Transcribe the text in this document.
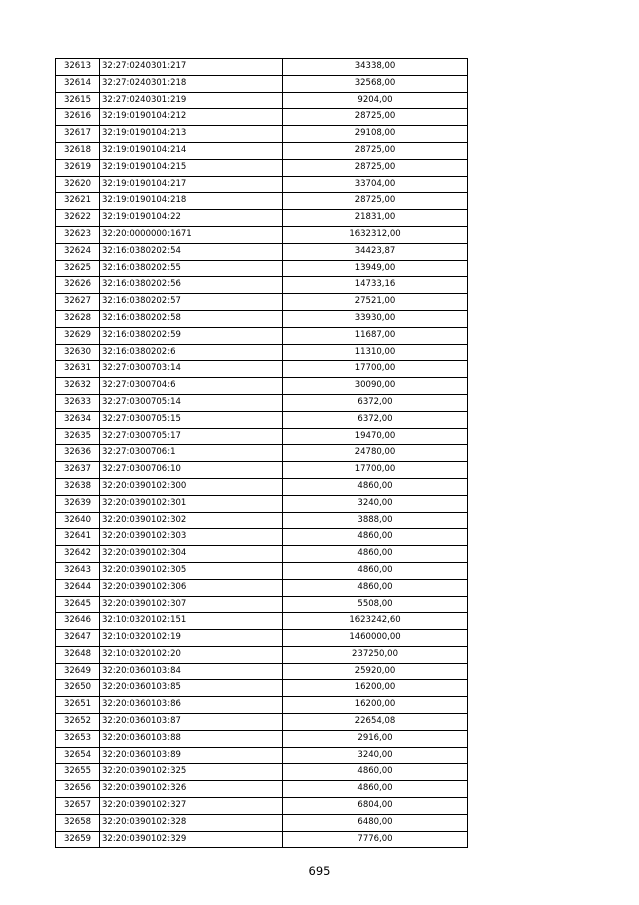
32613	32:27:0240301:217	34338,00
32614	32:27:0240301:218	32568,00
32615	32:27:0240301:219	9204,00
32616	32:19:0190104:212	28725,00
32617	32:19:0190104:213	29108,00
32618	32:19:0190104:214	28725,00
32619	32:19:0190104:215	28725,00
32620	32:19:0190104:217	33704,00
32621	32:19:0190104:218	28725,00
32622	32:19:0190104:22	21831,00
32623	32:20:0000000:1671	1632312,00
32624	32:16:0380202:54	34423,87
32625	32:16:0380202:55	13949,00
32626	32:16:0380202:56	14733,16
32627	32:16:0380202:57	27521,00
32628	32:16:0380202:58	33930,00
32629	32:16:0380202:59	11687,00
32630	32:16:0380202:6	11310,00
32631	32:27:0300703:14	17700,00
32632	32:27:0300704:6	30090,00
32633	32:27:0300705:14	6372,00
32634	32:27:0300705:15	6372,00
32635	32:27:0300705:17	19470,00
32636	32:27:0300706:1	24780,00
32637	32:27:0300706:10	17700,00
32638	32:20:0390102:300	4860,00
32639	32:20:0390102:301	3240,00
32640	32:20:0390102:302	3888,00
32641	32:20:0390102:303	4860,00
32642	32:20:0390102:304	4860,00
32643	32:20:0390102:305	4860,00
32644	32:20:0390102:306	4860,00
32645	32:20:0390102:307	5508,00
32646	32:10:0320102:151	1623242,60
32647	32:10:0320102:19	1460000,00
32648	32:10:0320102:20	237250,00
32649	32:20:0360103:84	25920,00
32650	32:20:0360103:85	16200,00
32651	32:20:0360103:86	16200,00
32652	32:20:0360103:87	22654,08
32653	32:20:0360103:88	2916,00
32654	32:20:0360103:89	3240,00
32655	32:20:0390102:325	4860,00
32656	32:20:0390102:326	4860,00
32657	32:20:0390102:327	6804,00
32658	32:20:0390102:328	6480,00
32659	32:20:0390102:329	7776,00
695
